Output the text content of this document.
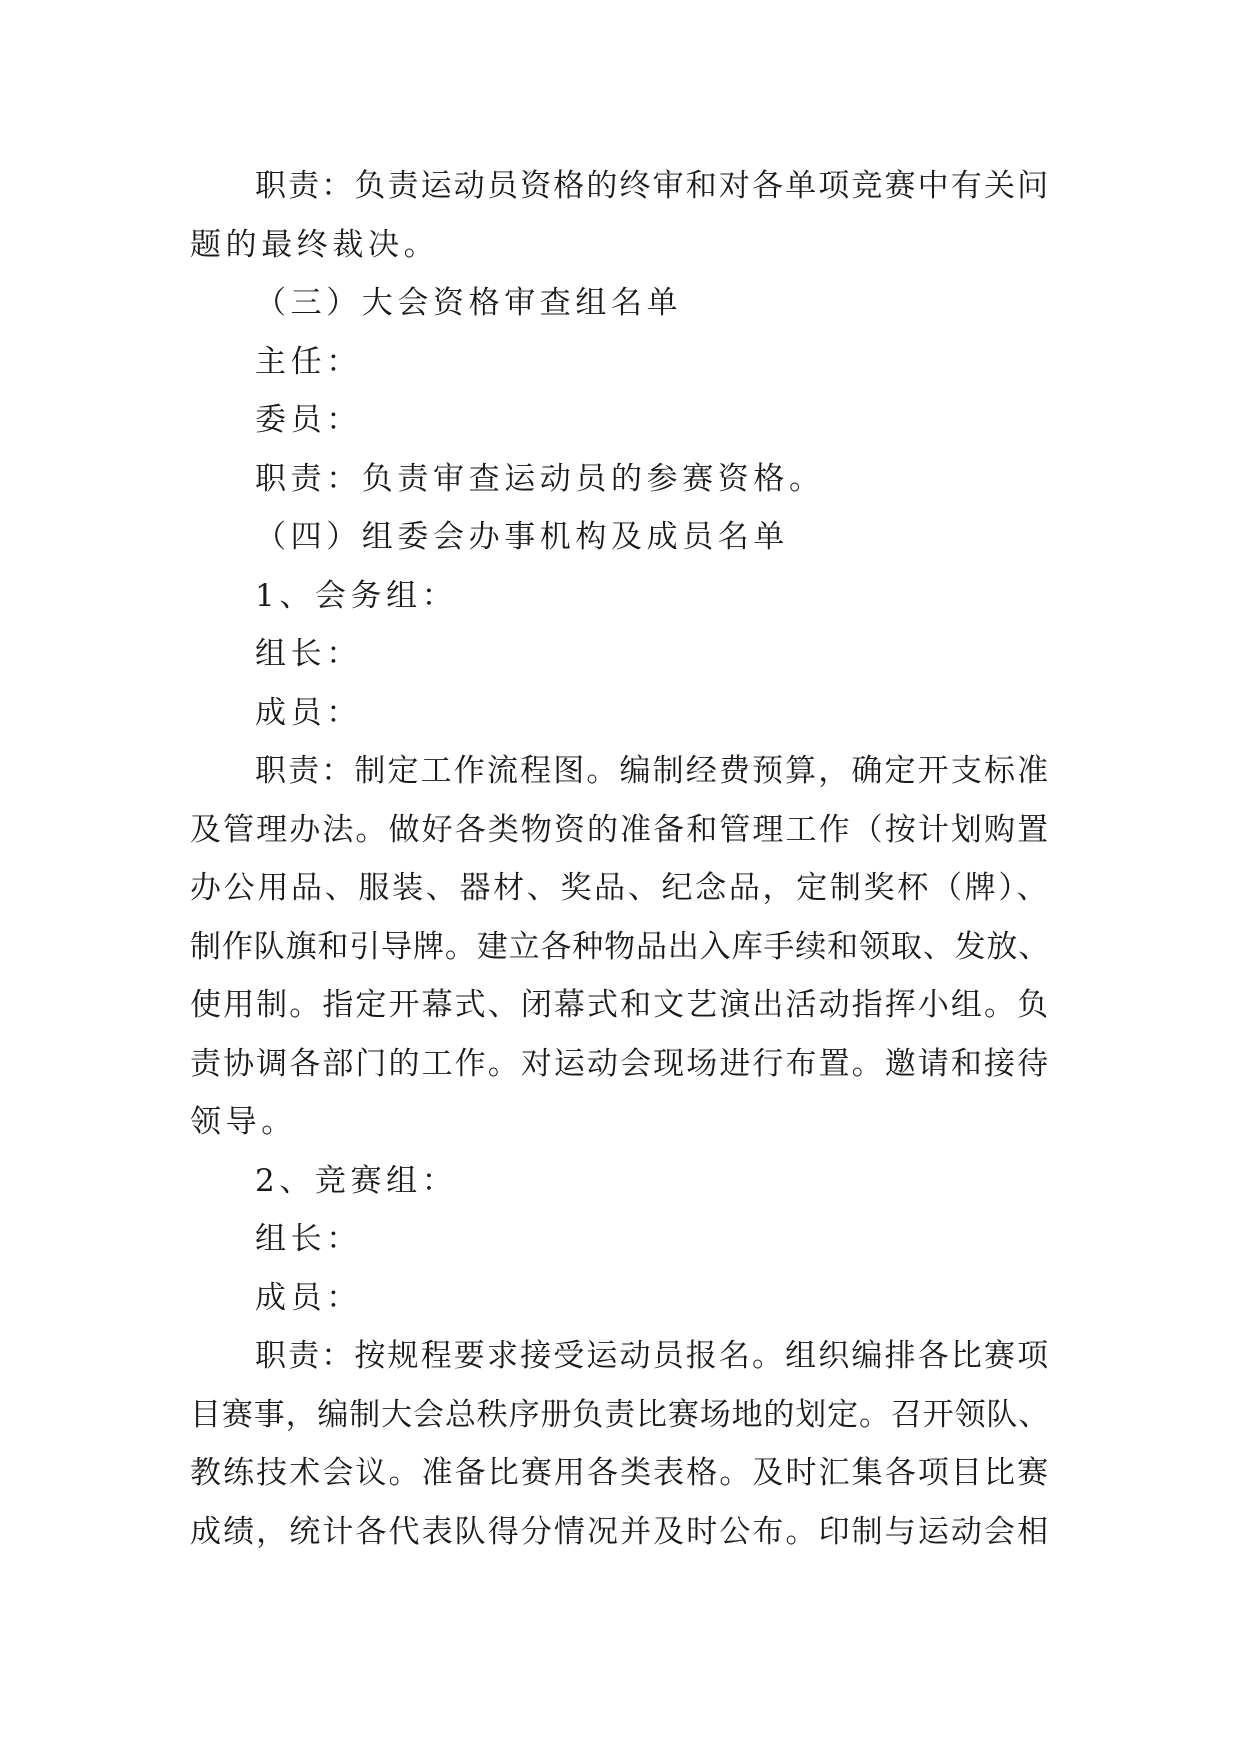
职责：负责运动员资格的终审和对各单项竞赛中有关问
题的最终裁决。
（三）大会资格审查组名单
主任：
委员：
职责：负责审查运动员的参赛资格。
（四）组委会办事机构及成员名单
1、会务组：
组长：
成员：
职责：制定工作流程图。编制经费预算，确定开支标准
及管理办法。做好各类物资的准备和管理工作（按计划购置
办公用品、服装、器材、奖品、纪念品，定制奖杯（牌）、
制作队旗和引导牌。建立各种物品出入库手续和领取、发放、
使用制。指定开幕式、闭幕式和文艺演出活动指挥小组。负
责协调各部门的工作。对运动会现场进行布置。邀请和接待
领导。
2、竞赛组：
组长：
成员：
职责：按规程要求接受运动员报名。组织编排各比赛项
目赛事，编制大会总秩序册负责比赛场地的划定。召开领队、
教练技术会议。准备比赛用各类表格。及时汇集各项目比赛
成绩，统计各代表队得分情况并及时公布。印制与运动会相
